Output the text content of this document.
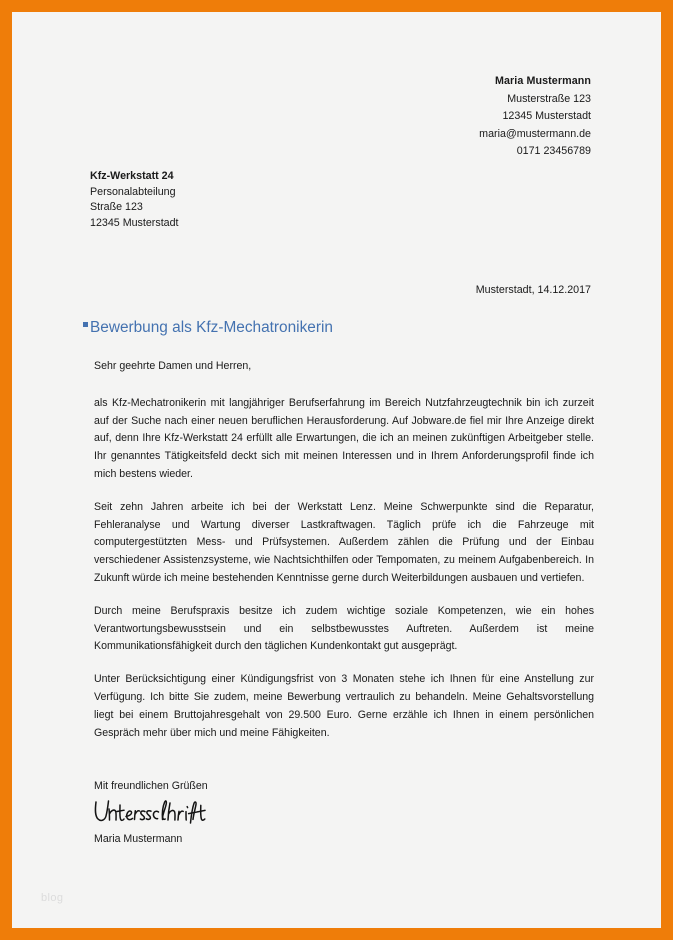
Maria Mustermann
Musterstraße 123
12345 Musterstadt
maria@mustermann.de
0171 23456789
Kfz-Werkstatt 24
Personalabteilung
Straße 123
12345 Musterstadt
Musterstadt, 14.12.2017
Bewerbung als Kfz-Mechatronikerin

Sehr geehrte Damen und Herren,

als Kfz-Mechatronikerin mit langjähriger Berufserfahrung im Bereich Nutzfahrzeugtechnik bin ich zurzeit auf der Suche nach einer neuen beruflichen Herausforderung. Auf Jobware.de fiel mir Ihre Anzeige direkt auf, denn Ihre Kfz-Werkstatt 24 erfüllt alle Erwartungen, die ich an meinen zukünftigen Arbeitgeber stelle. Ihr genanntes Tätigkeitsfeld deckt sich mit meinen Interessen und in Ihrem Anforderungsprofil finde ich mich bestens wieder.

Seit zehn Jahren arbeite ich bei der Werkstatt Lenz. Meine Schwerpunkte sind die Reparatur, Fehleranalyse und Wartung diverser Lastkraftwagen. Täglich prüfe ich die Fahrzeuge mit computergestützten Mess- und Prüfsystemen. Außerdem zählen die Prüfung und der Einbau verschiedener Assistenzsysteme, wie Nachtsichthilfen oder Tempomaten, zu meinem Aufgabenbereich. In Zukunft würde ich meine bestehenden Kenntnisse gerne durch Weiterbildungen ausbauen und vertiefen.

Durch meine Berufspraxis besitze ich zudem wichtige soziale Kompetenzen, wie ein hohes Verantwortungsbewusstsein und ein selbstbewusstes Auftreten. Außerdem ist meine Kommunikationsfähigkeit durch den täglichen Kundenkontakt gut ausgeprägt.

Unter Berücksichtigung einer Kündigungsfrist von 3 Monaten stehe ich Ihnen für eine Anstellung zur Verfügung. Ich bitte Sie zudem, meine Bewerbung vertraulich zu behandeln. Meine Gehaltsvorstellung liegt bei einem Bruttojahresgehalt von 29.500 Euro. Gerne erzähle ich Ihnen in einem persönlichen Gespräch mehr über mich und meine Fähigkeiten.

Mit freundlichen Grüßen
Maria Mustermann
blog
